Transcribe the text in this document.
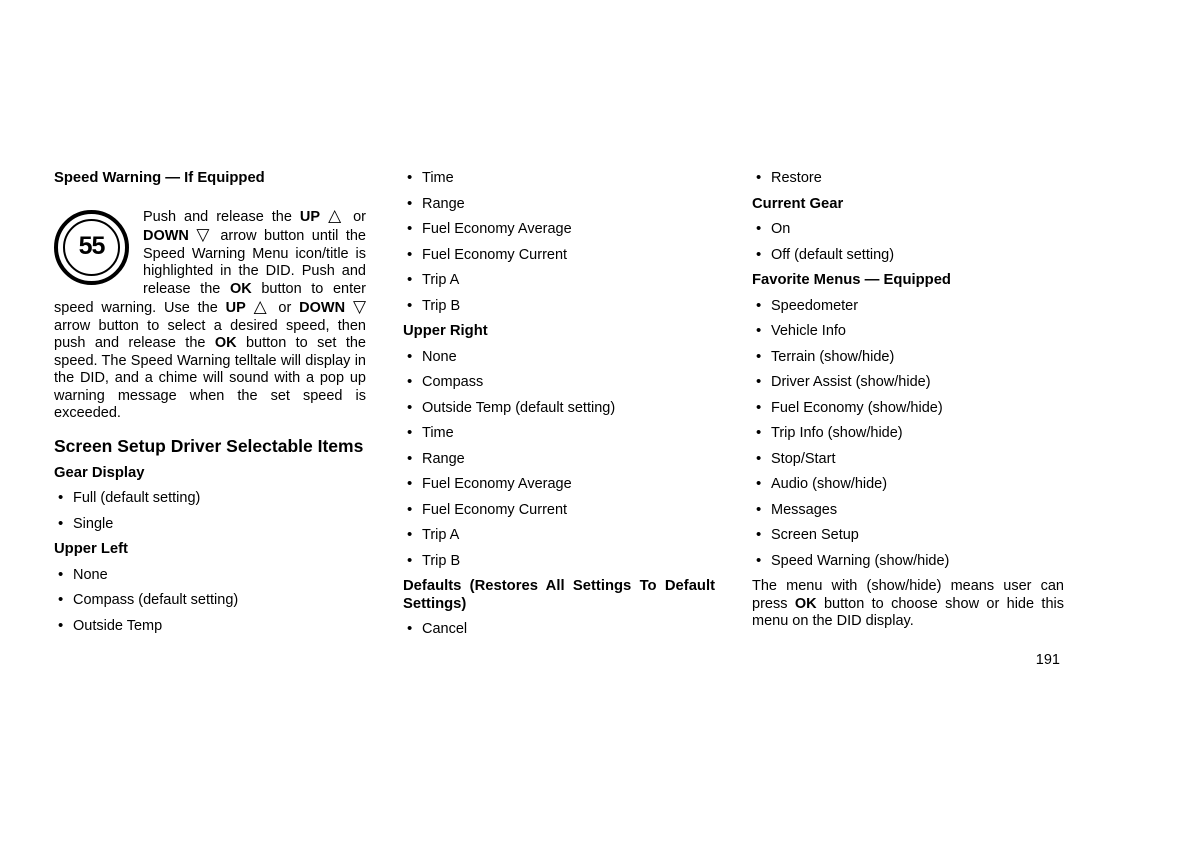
Speed Warning — If Equipped
55

Push and release the UP △ or DOWN ▽ arrow button until the Speed Warning Menu icon/title is highlighted in the DID. Push and release the OK button to enter speed warning. Use the UP △ or DOWN ▽ arrow button to select a desired speed, then push and release the OK button to set the speed. The Speed Warning telltale will display in the DID, and a chime will sound with a pop up warning message when the set speed is exceeded.

Screen Setup Driver Selectable Items
Gear Display
• Full (default setting)
• Single
Upper Left
• None
• Compass (default setting)
• Outside Temp
• Time
• Range
• Fuel Economy Average
• Fuel Economy Current
• Trip A
• Trip B
Upper Right
• None
• Compass
• Outside Temp (default setting)
• Time
• Range
• Fuel Economy Average
• Fuel Economy Current
• Trip A
• Trip B
Defaults (Restores All Settings To Default Settings)
• Cancel
• Restore
Current Gear
• On
• Off (default setting)
Favorite Menus — Equipped
• Speedometer
• Vehicle Info
• Terrain (show/hide)
• Driver Assist (show/hide)
• Fuel Economy (show/hide)
• Trip Info (show/hide)
• Stop/Start
• Audio (show/hide)
• Messages
• Screen Setup
• Speed Warning (show/hide)

The menu with (show/hide) means user can press OK button to choose show or hide this menu on the DID display.

191
